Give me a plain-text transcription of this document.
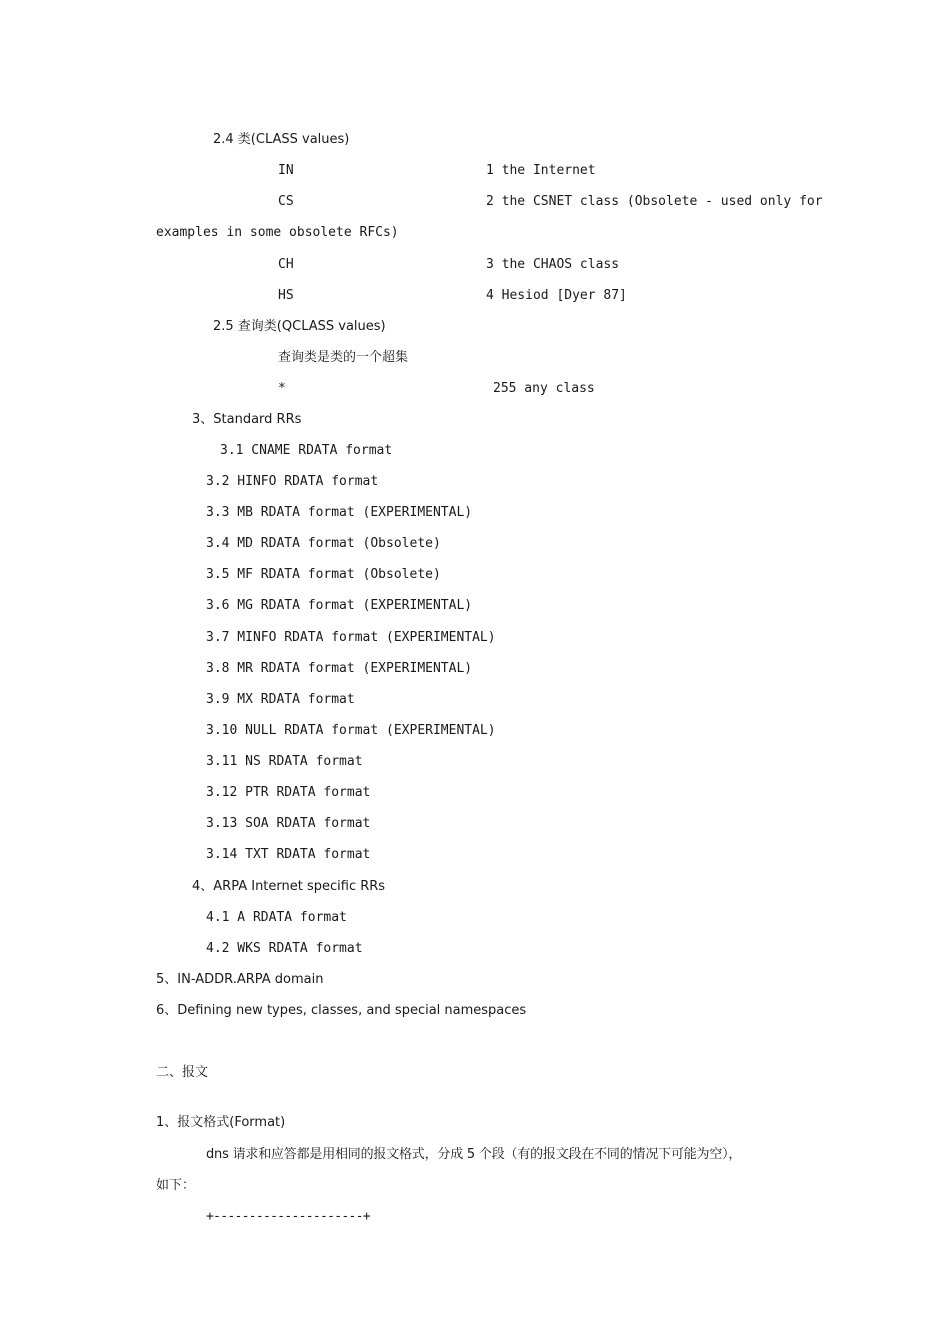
2.4 类(CLASS values)
IN	1 the Internet
CS	2 the CSNET class (Obsolete - used only for
examples in some obsolete RFCs)
CH	3 the CHAOS class
HS	4 Hesiod [Dyer 87]
2.5 查询类(QCLASS values)
查询类是类的一个超集
*	255 any class
3、Standard RRs
3.1 CNAME RDATA format
3.2 HINFO RDATA format
3.3 MB RDATA format (EXPERIMENTAL)
3.4 MD RDATA format (Obsolete)
3.5 MF RDATA format (Obsolete)
3.6 MG RDATA format (EXPERIMENTAL)
3.7 MINFO RDATA format (EXPERIMENTAL)
3.8 MR RDATA format (EXPERIMENTAL)
3.9 MX RDATA format
3.10 NULL RDATA format (EXPERIMENTAL)
3.11 NS RDATA format
3.12 PTR RDATA format
3.13 SOA RDATA format
3.14 TXT RDATA format
4、ARPA Internet specific RRs
4.1 A RDATA format
4.2 WKS RDATA format
5、IN-ADDR.ARPA domain
6、Defining new types, classes, and special namespaces
二、报文
1、报文格式(Format)
dns 请求和应答都是用相同的报文格式，分成 5 个段（有的报文段在不同的情况下可能为空），
如下：
+---------------------+
